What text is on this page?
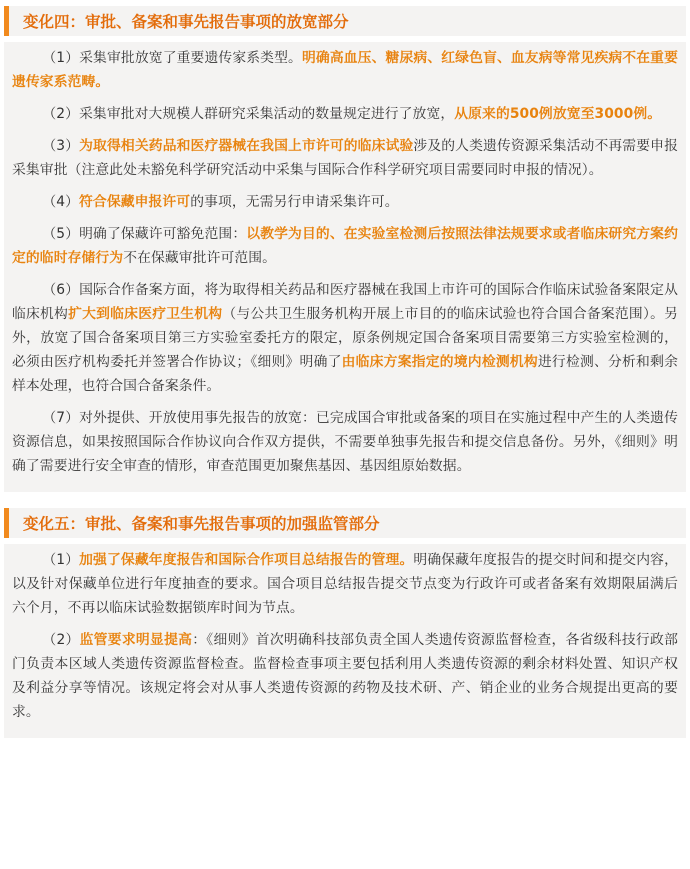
变化四：审批、备案和事先报告事项的放宽部分

（1）采集审批放宽了重要遗传家系类型。明确高血压、糖尿病、红绿色盲、血友病等常见疾病不在重要遗传家系范畴。

（2）采集审批对大规模人群研究采集活动的数量规定进行了放宽，从原来的500例放宽至3000例。

（3）为取得相关药品和医疗器械在我国上市许可的临床试验涉及的人类遗传资源采集活动不再需要申报采集审批（注意此处未豁免科学研究活动中采集与国际合作科学研究项目需要同时申报的情况）。

（4）符合保藏申报许可的事项，无需另行申请采集许可。

（5）明确了保藏许可豁免范围：以教学为目的、在实验室检测后按照法律法规要求或者临床研究方案约定的临时存储行为不在保藏审批许可范围。

（6）国际合作备案方面，将为取得相关药品和医疗器械在我国上市许可的国际合作临床试验备案限定从临床机构扩大到临床医疗卫生机构（与公共卫生服务机构开展上市目的的临床试验也符合国合备案范围）。另外，放宽了国合备案项目第三方实验室委托方的限定，原条例规定国合备案项目需要第三方实验室检测的，必须由医疗机构委托并签署合作协议；《细则》明确了由临床方案指定的境内检测机构进行检测、分析和剩余样本处理，也符合国合备案条件。

（7）对外提供、开放使用事先报告的放宽：已完成国合审批或备案的项目在实施过程中产生的人类遗传资源信息，如果按照国际合作协议向合作双方提供，不需要单独事先报告和提交信息备份。另外，《细则》明确了需要进行安全审查的情形，审查范围更加聚焦基因、基因组原始数据。

变化五：审批、备案和事先报告事项的加强监管部分

（1）加强了保藏年度报告和国际合作项目总结报告的管理。明确保藏年度报告的提交时间和提交内容，以及针对保藏单位进行年度抽查的要求。国合项目总结报告提交节点变为行政许可或者备案有效期限届满后六个月，不再以临床试验数据锁库时间为节点。

（2）监管要求明显提高：《细则》首次明确科技部负责全国人类遗传资源监督检查，各省级科技行政部门负责本区域人类遗传资源监督检查。监督检查事项主要包括利用人类遗传资源的剩余材料处置、知识产权及利益分享等情况。该规定将会对从事人类遗传资源的药物及技术研、产、销企业的业务合规提出更高的要求。
